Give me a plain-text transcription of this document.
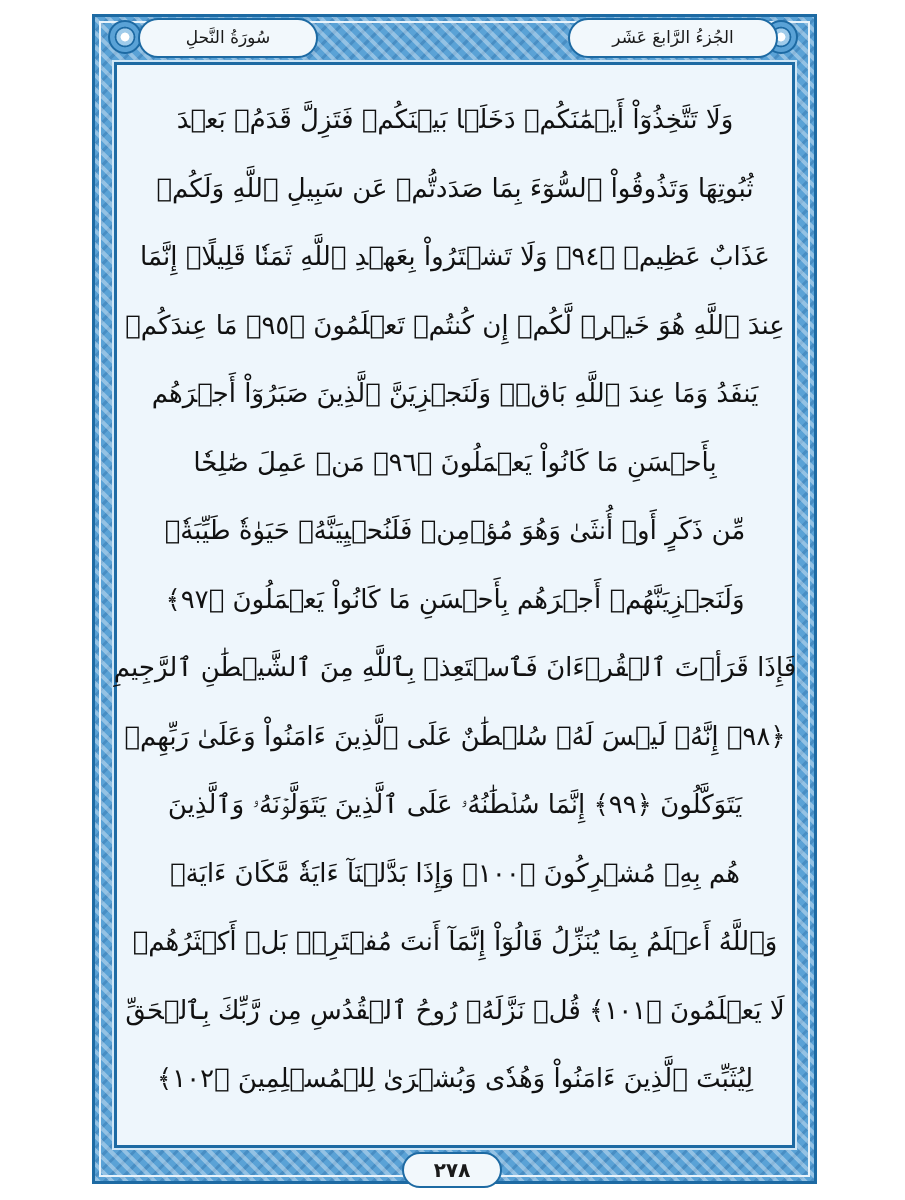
الجُزءُ الرَّابعَ عَشَر
سُورَةُ النَّحلِ
وَلَا تَتَّخِذُوٓاْ أَيۡمَٰنَكُمۡ دَخَلَۢا بَيۡنَكُمۡ فَتَزِلَّ قَدَمُۢ بَعۡدَ
ثُبُوتِهَا وَتَذُوقُواْ ٱلسُّوٓءَ بِمَا صَدَدتُّمۡ عَن سَبِيلِ ٱللَّهِ وَلَكُمۡ
عَذَابٌ عَظِيمٞ ﴿٩٤﴾ وَلَا تَشۡتَرُواْ بِعَهۡدِ ٱللَّهِ ثَمَنٗا قَلِيلًاۚ إِنَّمَا
عِندَ ٱللَّهِ هُوَ خَيۡرٞ لَّكُمۡ إِن كُنتُمۡ تَعۡلَمُونَ ﴿٩٥﴾ مَا عِندَكُمۡ
يَنفَدُ وَمَا عِندَ ٱللَّهِ بَاقٖۗ وَلَنَجۡزِيَنَّ ٱلَّذِينَ صَبَرُوٓاْ أَجۡرَهُم
بِأَحۡسَنِ مَا كَانُواْ يَعۡمَلُونَ ﴿٩٦﴾ مَنۡ عَمِلَ صَٰلِحٗا
مِّن ذَكَرٍ أَوۡ أُنثَىٰ وَهُوَ مُؤۡمِنٞ فَلَنُحۡيِيَنَّهُۥ حَيَوٰةٗ طَيِّبَةٗۖ
وَلَنَجۡزِيَنَّهُمۡ أَجۡرَهُم بِأَحۡسَنِ مَا كَانُواْ يَعۡمَلُونَ ﴿٩٧﴾
فَإِذَا قَرَأۡتَ ٱلۡقُرۡءَانَ فَٱسۡتَعِذۡ بِٱللَّهِ مِنَ ٱلشَّيۡطَٰنِ ٱلرَّجِيمِ
﴿٩٨﴾ إِنَّهُۥ لَيۡسَ لَهُۥ سُلۡطَٰنٌ عَلَى ٱلَّذِينَ ءَامَنُواْ وَعَلَىٰ رَبِّهِمۡ
يَتَوَكَّلُونَ ﴿٩٩﴾ إِنَّمَا سُلۡطَٰنُهُۥ عَلَى ٱلَّذِينَ يَتَوَلَّوۡنَهُۥ وَٱلَّذِينَ
هُم بِهِۦ مُشۡرِكُونَ ﴿١٠٠﴾ وَإِذَا بَدَّلۡنَآ ءَايَةٗ مَّكَانَ ءَايَةٖ
وَٱللَّهُ أَعۡلَمُ بِمَا يُنَزِّلُ قَالُوٓاْ إِنَّمَآ أَنتَ مُفۡتَرِۭۚ بَلۡ أَكۡثَرُهُمۡ
لَا يَعۡلَمُونَ ﴿١٠١﴾ قُلۡ نَزَّلَهُۥ رُوحُ ٱلۡقُدُسِ مِن رَّبِّكَ بِٱلۡحَقِّ
لِيُثَبِّتَ ٱلَّذِينَ ءَامَنُواْ وَهُدٗى وَبُشۡرَىٰ لِلۡمُسۡلِمِينَ ﴿١٠٢﴾
٢٧٨
